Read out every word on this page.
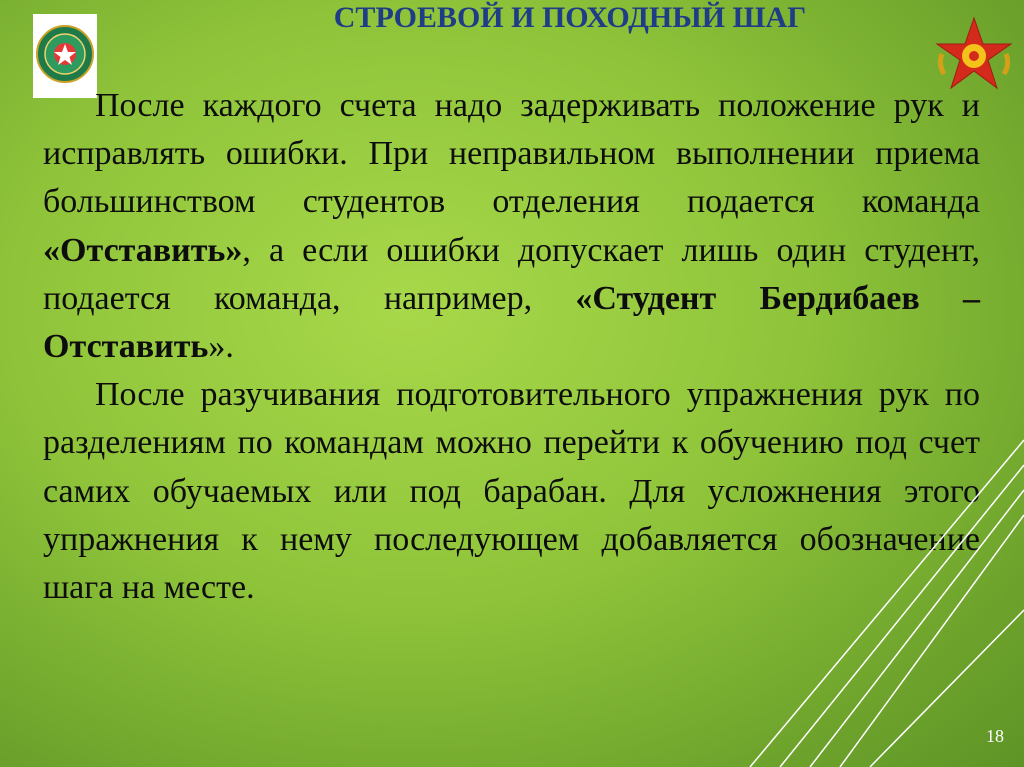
СТРОЕВОЙ И ПОХОДНЫЙ ШАГ

После каждого счета надо задерживать положение рук и исправлять ошибки. При неправильном выполнении приема большинством студентов отделения подается команда «Отставить», а если ошибки допускает лишь один студент, подается команда, например, «Студент Бердибаев – Отставить».

После разучивания подготовительного упражнения рук по разделениям по командам можно перейти к обучению под счет самих обучаемых или под барабан. Для усложнения этого упражнения к нему последующем добавляется обозначение шага на месте.

18
